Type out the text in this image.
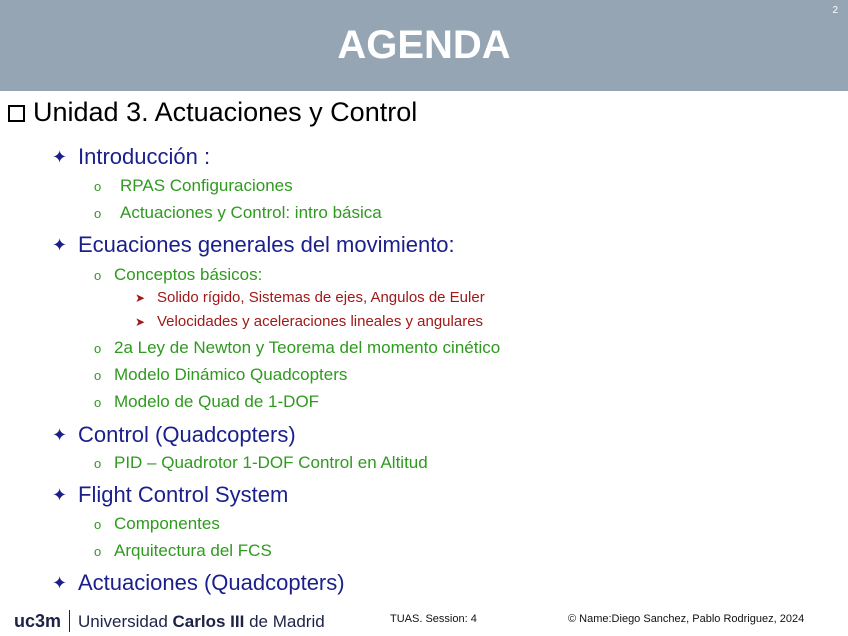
AGENDA
2
Unidad 3. Actuaciones y Control
✦ Introducción :
o RPAS Configuraciones
o Actuaciones y Control: intro básica
✦ Ecuaciones generales del movimiento:
o Conceptos básicos:
➤ Solido rígido, Sistemas de ejes, Angulos de Euler
➤ Velocidades y aceleraciones lineales y angulares
o 2a Ley de Newton y Teorema del momento cinético
o Modelo Dinámico Quadcopters
o Modelo de Quad de 1-DOF
✦ Control (Quadcopters)
o PID – Quadrotor 1-DOF Control en Altitud
✦ Flight Control System
o Componentes
o Arquitectura del FCS
✦ Actuaciones (Quadcopters)
uc3m Universidad Carlos III de Madrid	TUAS. Session: 4	© Name:Diego Sanchez, Pablo Rodriguez, 2024
